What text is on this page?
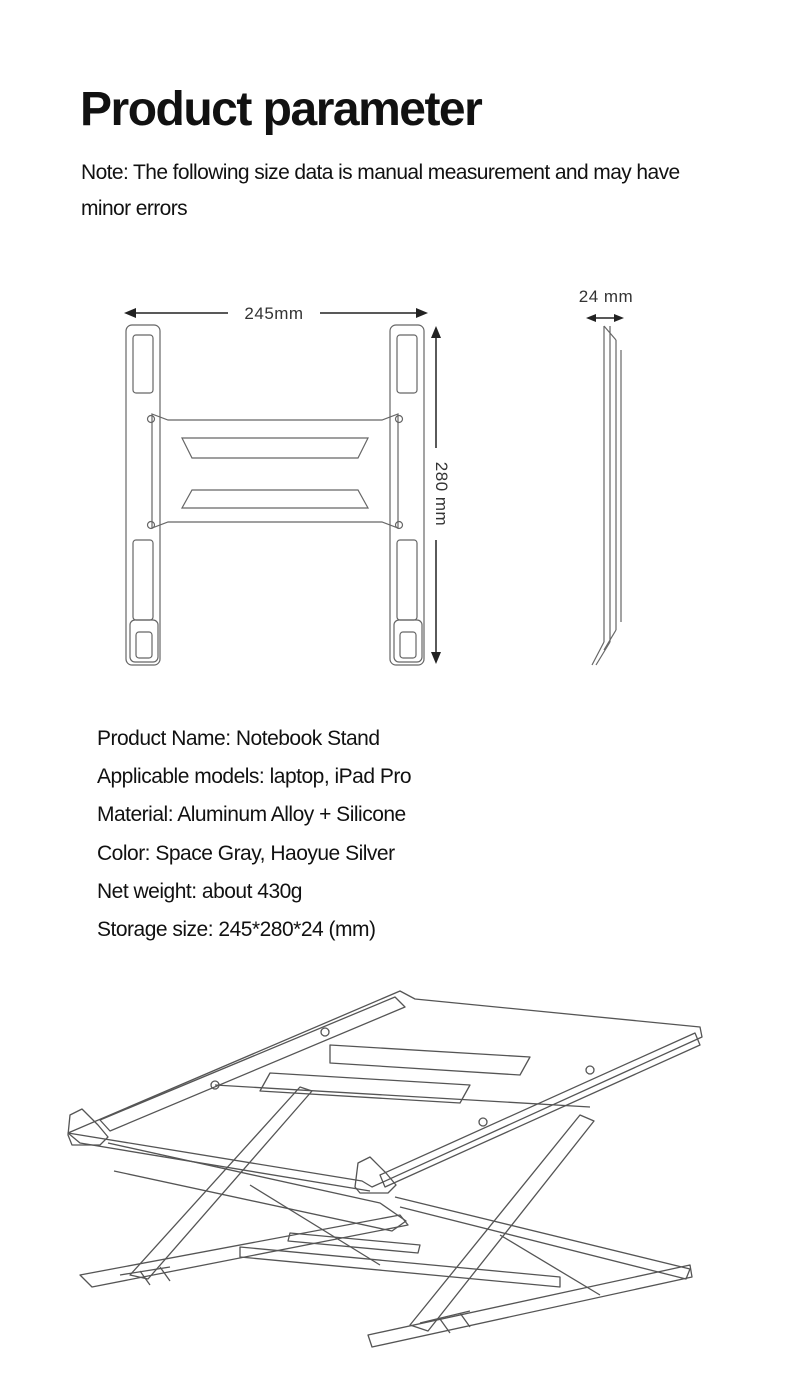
Product parameter

Note: The following size data is manual measurement and may have minor errors

245mm
280 mm
24 mm
Product Name: Notebook Stand
Applicable models: laptop, iPad Pro
Material: Aluminum Alloy + Silicone
Color: Space Gray, Haoyue Silver
Net weight: about 430g
Storage size: 245*280*24 (mm)
